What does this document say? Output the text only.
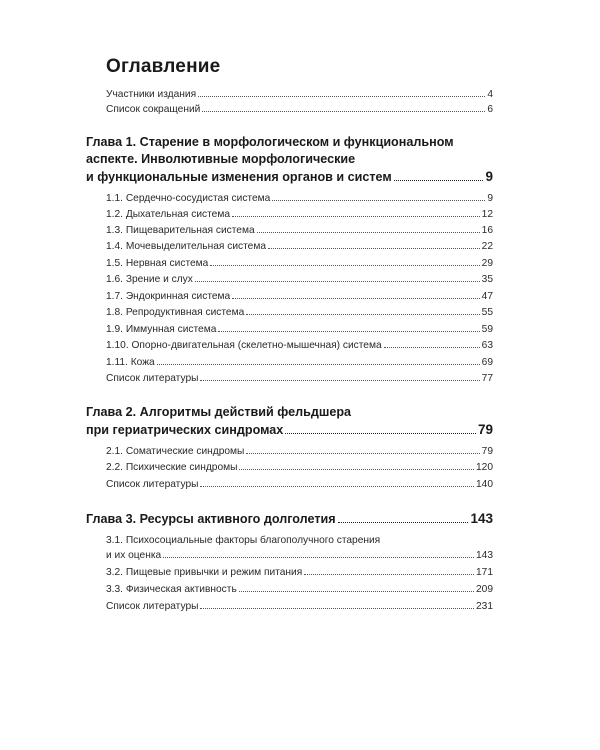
Оглавление
Участники издания	4
Список сокращений	6
Глава 1. Старение в морфологическом и функциональном
аспекте. Инволютивные морфологические
и функциональные изменения органов и систем	9
1.1. Сердечно-сосудистая система	9
1.2. Дыхательная система	12
1.3. Пищеварительная система	16
1.4. Мочевыделительная система	22
1.5. Нервная система	29
1.6. Зрение и слух	35
1.7. Эндокринная система	47
1.8. Репродуктивная система	55
1.9. Иммунная система	59
1.10. Опорно-двигательная (скелетно-мышечная) система	63
1.11. Кожа	69
Список литературы	77
Глава 2. Алгоритмы действий фельдшера
при гериатрических синдромах	79
2.1. Соматические синдромы	79
2.2. Психические синдромы	120
Список литературы	140
Глава 3. Ресурсы активного долголетия	143
3.1. Психосоциальные факторы благополучного старения
и их оценка	143
3.2. Пищевые привычки и режим питания	171
3.3. Физическая активность	209
Список литературы	231
